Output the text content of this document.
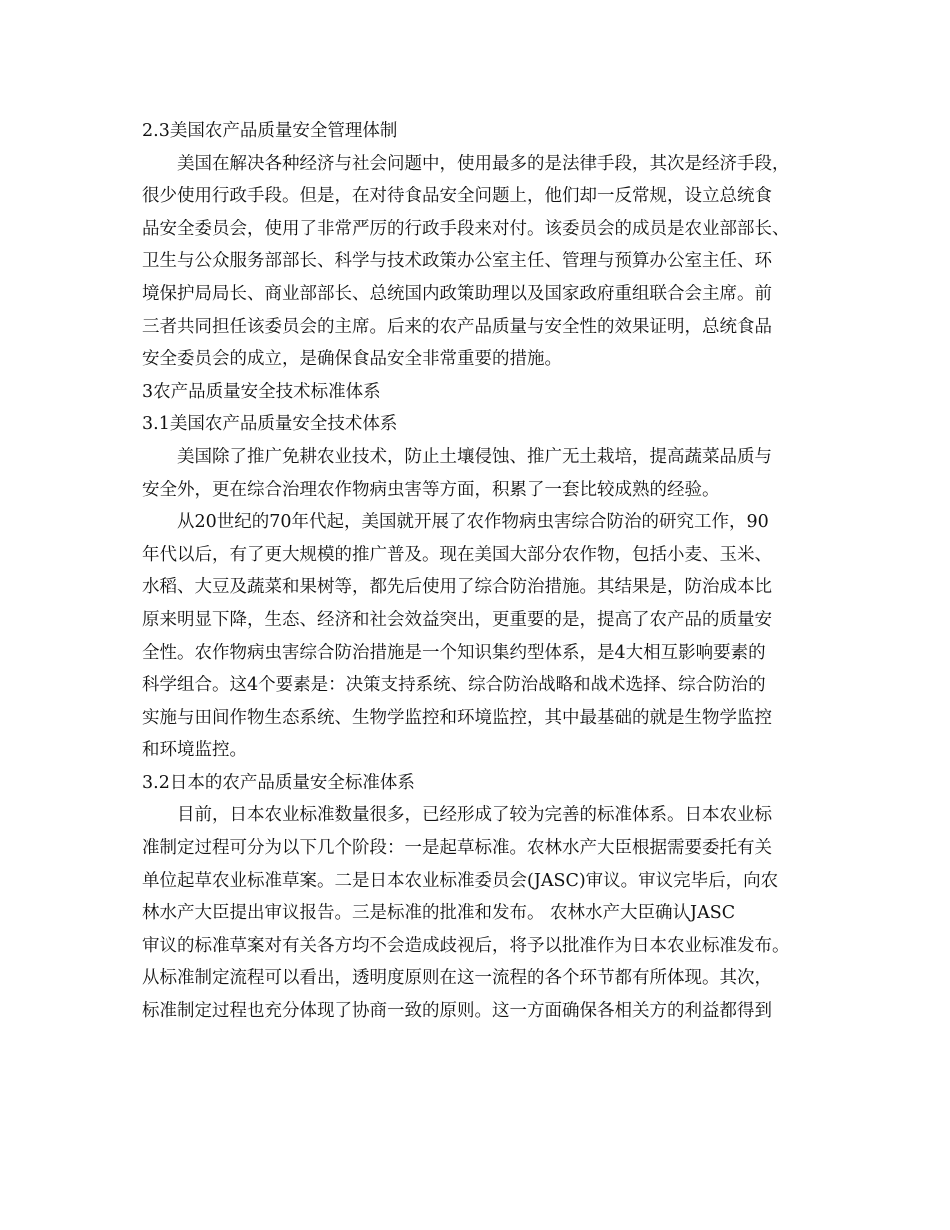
2.3美国农产品质量安全管理体制

美国在解决各种经济与社会问题中，使用最多的是法律手段，其次是经济手段，
很少使用行政手段。但是，在对待食品安全问题上，他们却一反常规，设立总统食
品安全委员会，使用了非常严厉的行政手段来对付。该委员会的成员是农业部部长、
卫生与公众服务部部长、科学与技术政策办公室主任、管理与预算办公室主任、环
境保护局局长、商业部部长、总统国内政策助理以及国家政府重组联合会主席。前
三者共同担任该委员会的主席。后来的农产品质量与安全性的效果证明，总统食品
安全委员会的成立，是确保食品安全非常重要的措施。

3农产品质量安全技术标准体系
3.1美国农产品质量安全技术体系

美国除了推广免耕农业技术，防止土壤侵蚀、推广无土栽培，提高蔬菜品质与
安全外，更在综合治理农作物病虫害等方面，积累了一套比较成熟的经验。

从20世纪的70年代起，美国就开展了农作物病虫害综合防治的研究工作，90
年代以后，有了更大规模的推广普及。现在美国大部分农作物，包括小麦、玉米、
水稻、大豆及蔬菜和果树等，都先后使用了综合防治措施。其结果是，防治成本比
原来明显下降，生态、经济和社会效益突出，更重要的是，提高了农产品的质量安
全性。农作物病虫害综合防治措施是一个知识集约型体系，是4大相互影响要素的
科学组合。这4个要素是：决策支持系统、综合防治战略和战术选择、综合防治的
实施与田间作物生态系统、生物学监控和环境监控，其中最基础的就是生物学监控
和环境监控。

3.2日本的农产品质量安全标准体系

目前，日本农业标准数量很多，已经形成了较为完善的标准体系。日本农业标
准制定过程可分为以下几个阶段：一是起草标准。农林水产大臣根据需要委托有关
单位起草农业标准草案。二是日本农业标准委员会(JASC)审议。审议完毕后，向农
林水产大臣提出审议报告。三是标准的批准和发布。 农林水产大臣确认JASC
审议的标准草案对有关各方均不会造成歧视后，将予以批准作为日本农业标准发布。
从标准制定流程可以看出，透明度原则在这一流程的各个环节都有所体现。其次，
标准制定过程也充分体现了协商一致的原则。这一方面确保各相关方的利益都得到
